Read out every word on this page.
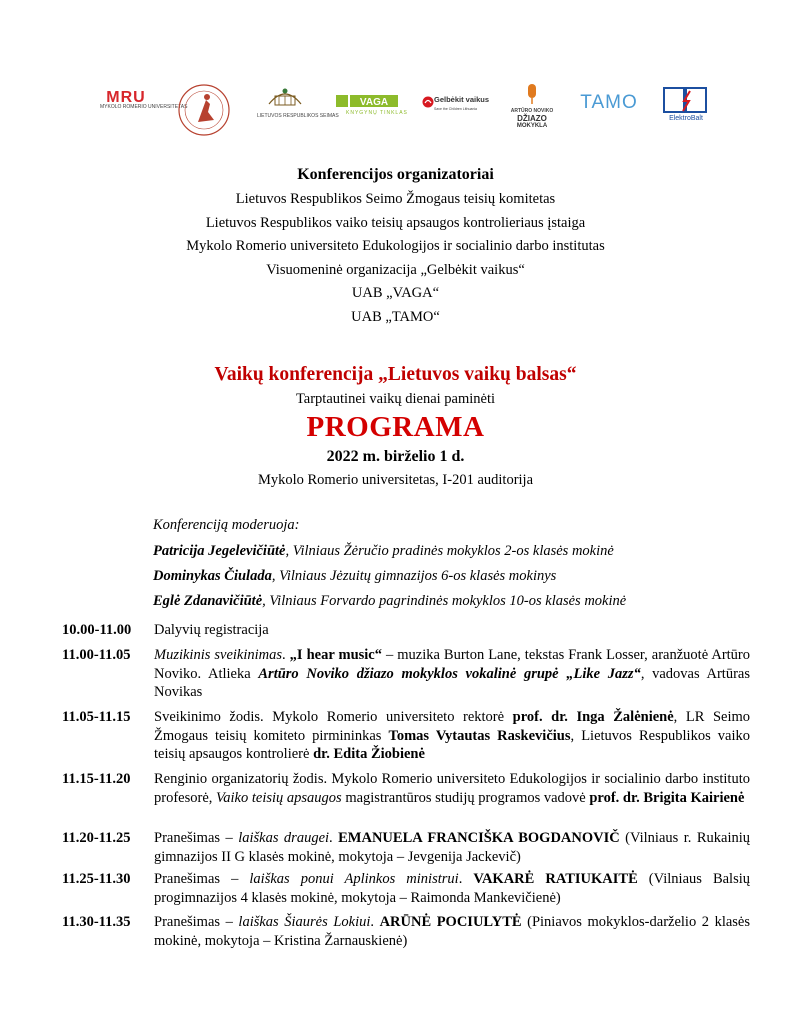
MRU
MYKOLO ROMERIO UNIVERSITETAS
LIETUVOS RESPUBLIKOS SEIMAS
VAGA
KNYGYNŲ TINKLAS
Gelbėkit vaikus
Save the Children Lithuania	ARTŪRO NOVIKO
DŽIAZO
MOKYKLA
TAMO
ElektroBalt
Konferencijos organizatoriai
Lietuvos Respublikos Seimo Žmogaus teisių komitetas
Lietuvos Respublikos vaiko teisių apsaugos kontrolieriaus įstaiga
Mykolo Romerio universiteto Edukologijos ir socialinio darbo institutas
Visuomeninė organizacija „Gelbėkit vaikus“
UAB „VAGA“
UAB „TAMO“
Vaikų konferencija „Lietuvos vaikų balsas“
Tarptautinei vaikų dienai paminėti
PROGRAMA
2022 m. birželio 1 d.
Mykolo Romerio universitetas, I-201 auditorija
Konferenciją moderuoja:
Patricija Jegelevičiūtė, Vilniaus Žėručio pradinės mokyklos 2-os klasės mokinė
Dominykas Čiulada, Vilniaus Jėzuitų gimnazijos 6-os klasės mokinys
Eglė Zdanavičiūtė, Vilniaus Forvardo pagrindinės mokyklos 10-os klasės mokinė
10.00-11.00	Dalyvių registracija
11.00-11.05	Muzikinis sveikinimas. „I hear music“ – muzika Burton Lane, tekstas Frank Losser, aranžuotė Artūro Noviko. Atlieka Artūro Noviko džiazo mokyklos vokalinė grupė „Like Jazz“, vadovas Artūras Novikas
11.05-11.15	Sveikinimo žodis. Mykolo Romerio universiteto rektorė prof. dr. Inga Žalėnienė, LR Seimo Žmogaus teisių komiteto pirmininkas Tomas Vytautas Raskevičius, Lietuvos Respublikos vaiko teisių apsaugos kontrolierė dr. Edita Žiobienė
11.15-11.20	Renginio organizatorių žodis. Mykolo Romerio universiteto Edukologijos ir socialinio darbo instituto profesorė, Vaiko teisių apsaugos magistrantūros studijų programos vadovė prof. dr. Brigita Kairienė
11.20-11.25	Pranešimas – laiškas draugei. EMANUELA FRANCIŠKA BOGDANOVIČ (Vilniaus r. Rukainių gimnazijos II G klasės mokinė, mokytoja – Jevgenija Jackevič)
11.25-11.30	Pranešimas – laiškas ponui Aplinkos ministrui. VAKARĖ RATIUKAITĖ (Vilniaus Balsių progimnazijos 4 klasės mokinė, mokytoja – Raimonda Mankevičienė)
11.30-11.35	Pranešimas – laiškas Šiaurės Lokiui. ARŪNĖ POCIULYTĖ (Piniavos mokyklos-darželio 2 klasės mokinė, mokytoja – Kristina Žarnauskienė)
